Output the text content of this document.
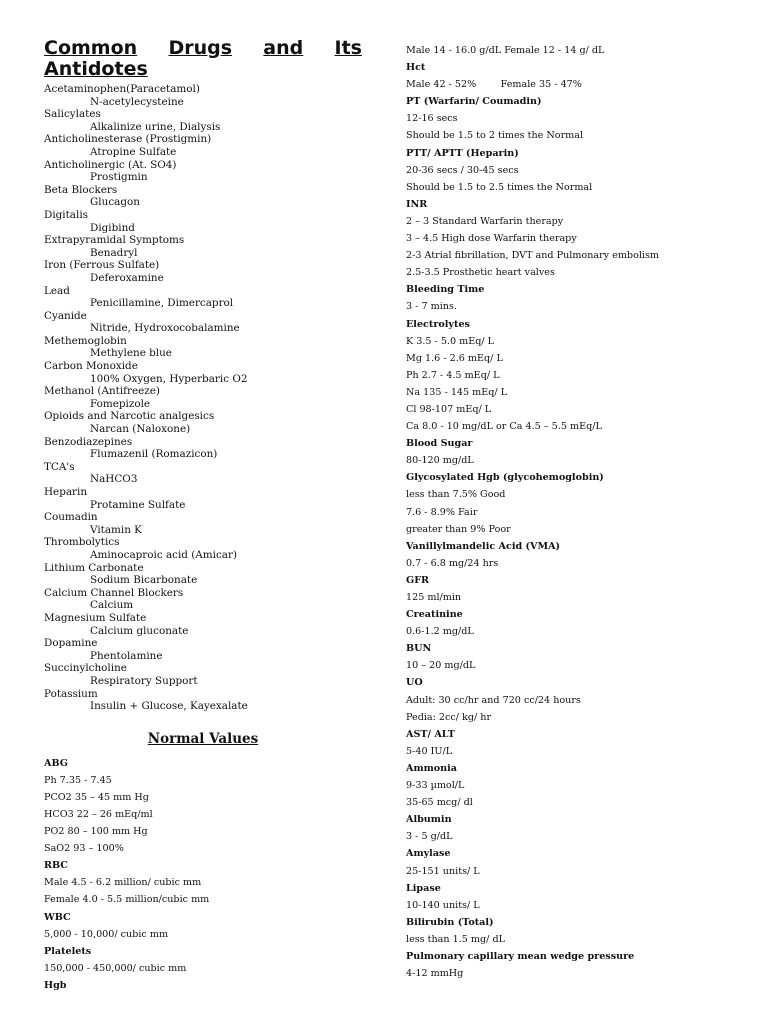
Common Drugs and Its
Antidotes
Acetaminophen(Paracetamol)
N-acetylecysteine
Salicylates
Alkalinize urine, Dialysis
Anticholinesterase (Prostigmin)
Atropine Sulfate
Anticholinergic (At. SO4)
Prostigmin
Beta Blockers
Glucagon
Digitalis
Digibind
Extrapyramidal Symptoms
Benadryl
Iron (Ferrous Sulfate)
Deferoxamine
Lead
Penicillamine, Dimercaprol
Cyanide
Nitride, Hydroxocobalamine
Methemoglobin
Methylene blue
Carbon Monoxide
100% Oxygen, Hyperbaric O2
Methanol (Antifreeze)
Fomepizole
Opioids and Narcotic analgesics
Narcan (Naloxone)
Benzodiazepines
Flumazenil (Romazicon)
TCA's
NaHCO3
Heparin
Protamine Sulfate
Coumadin
Vitamin K
Thrombolytics
Aminocaproic acid (Amicar)
Lithium Carbonate
Sodium Bicarbonate
Calcium Channel Blockers
Calcium
Magnesium Sulfate
Calcium gluconate
Dopamine
Phentolamine
Succinylcholine
Respiratory Support
Potassium
Insulin + Glucose, Kayexalate
Normal Values
ABG
Ph 7.35 - 7.45
PCO2 35 – 45 mm Hg
HCO3 22 – 26 mEq/ml
PO2 80 – 100 mm Hg
SaO2 93 – 100%
RBC
Male 4.5 - 6.2 million/ cubic mm
Female 4.0 - 5.5 million/cubic mm
WBC
5,000 - 10,000/ cubic mm
Platelets
150,000 - 450,000/ cubic mm
Hgb
Male 14 - 16.0 g/dL Female 12 - 14 g/ dL
Hct
Male 42 - 52%        Female 35 - 47%
PT (Warfarin/ Coumadin)
12-16 secs
Should be 1.5 to 2 times the Normal
PTT/ APTT (Heparin)
20-36 secs / 30-45 secs
Should be 1.5 to 2.5 times the Normal
INR
2 – 3 Standard Warfarin therapy
3 – 4.5 High dose Warfarin therapy
2-3 Atrial fibrillation, DVT and Pulmonary embolism
2.5-3.5 Prosthetic heart valves
Bleeding Time
3 - 7 mins.
Electrolytes
K 3.5 - 5.0 mEq/ L
Mg 1.6 - 2.6 mEq/ L
Ph 2.7 - 4.5 mEq/ L
Na 135 - 145 mEq/ L
Cl 98-107 mEq/ L
Ca 8.0 - 10 mg/dL or Ca 4.5 – 5.5 mEq/L
Blood Sugar
80-120 mg/dL
Glycosylated Hgb (glycohemoglobin)
less than 7.5% Good
7.6 - 8.9% Fair
greater than 9% Poor
Vanillylmandelic Acid (VMA)
0.7 - 6.8 mg/24 hrs
GFR
125 ml/min
Creatinine
0.6-1.2 mg/dL
BUN
10 – 20 mg/dL
UO
Adult: 30 cc/hr and 720 cc/24 hours
Pedia: 2cc/ kg/ hr
AST/ ALT
5-40 IU/L
Ammonia
9-33 µmol/L
35-65 mcg/ dl
Albumin
3 - 5 g/dL
Amylase
25-151 units/ L
Lipase
10-140 units/ L
Bilirubin (Total)
less than 1.5 mg/ dL
Pulmonary capillary mean wedge pressure
4-12 mmHg
